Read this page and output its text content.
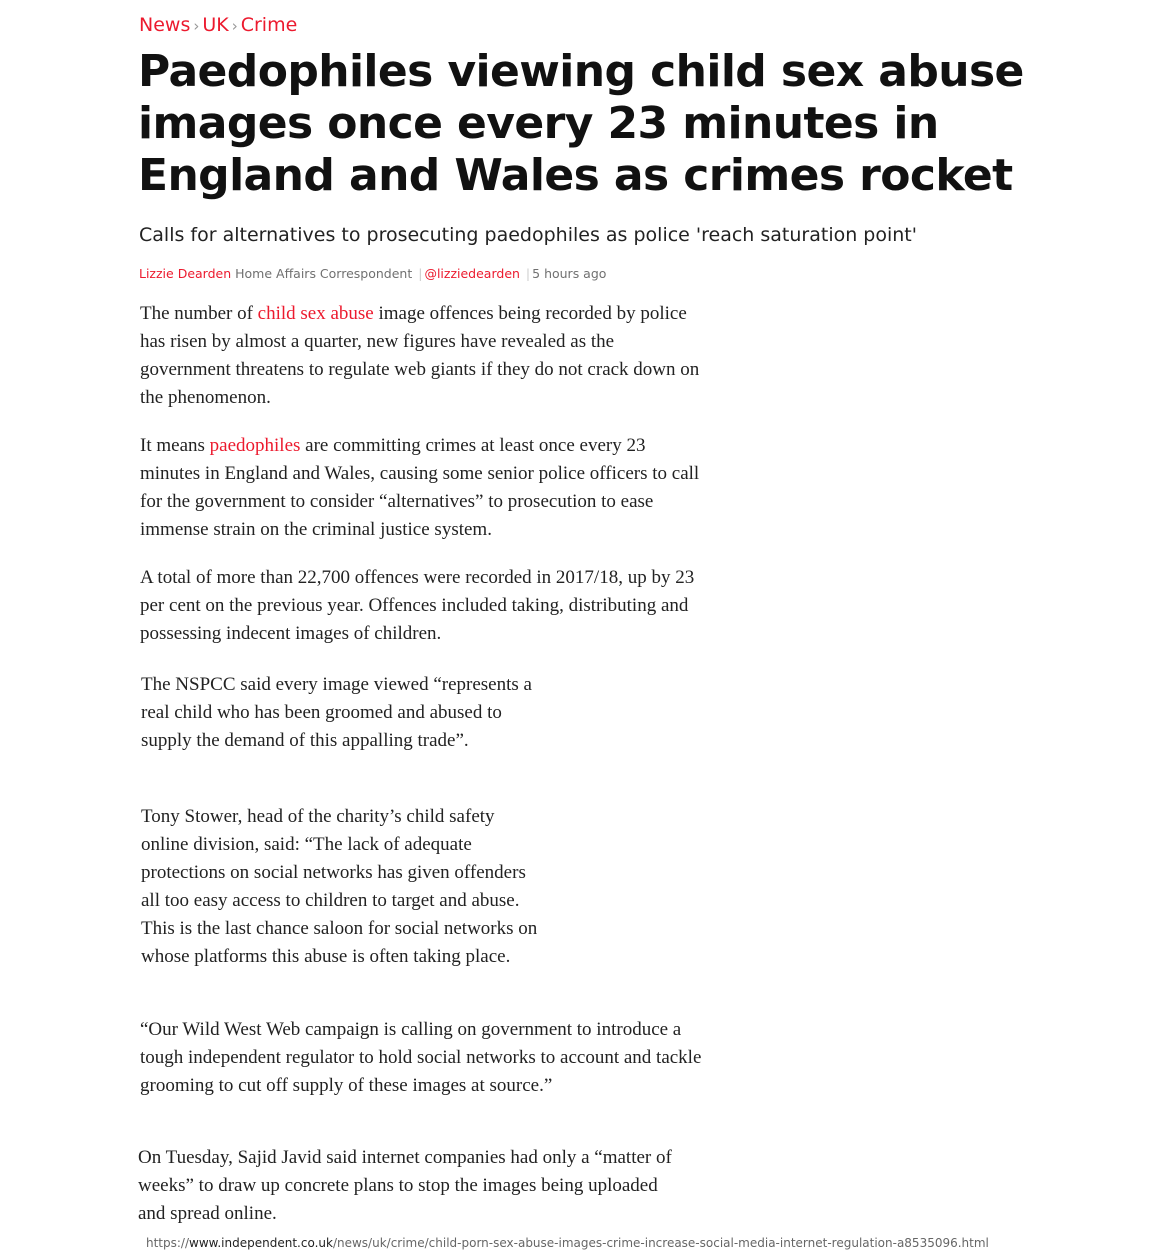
News › UK › Crime
Paedophiles viewing child sex abuse images once every 23 minutes in England and Wales as crimes rocket

Calls for alternatives to prosecuting paedophiles as police 'reach saturation point'

Lizzie Dearden Home Affairs Correspondent | @lizziedearden | 5 hours ago

The number of child sex abuse image offences being recorded by police has risen by almost a quarter, new figures have revealed as the government threatens to regulate web giants if they do not crack down on the phenomenon.

It means paedophiles are committing crimes at least once every 23 minutes in England and Wales, causing some senior police officers to call for the government to consider “alternatives” to prosecution to ease immense strain on the criminal justice system.

A total of more than 22,700 offences were recorded in 2017/18, up by 23 per cent on the previous year. Offences included taking, distributing and possessing indecent images of children.

The NSPCC said every image viewed “represents a real child who has been groomed and abused to supply the demand of this appalling trade”.

Tony Stower, head of the charity’s child safety online division, said: “The lack of adequate protections on social networks has given offenders all too easy access to children to target and abuse. This is the last chance saloon for social networks on whose platforms this abuse is often taking place.

“Our Wild West Web campaign is calling on government to introduce a tough independent regulator to hold social networks to account and tackle grooming to cut off supply of these images at source.”

On Tuesday, Sajid Javid said internet companies had only a “matter of weeks” to draw up concrete plans to stop the images being uploaded and spread online.

https://www.independent.co.uk/news/uk/crime/child-porn-sex-abuse-images-crime-increase-social-media-internet-regulation-a8535096.html
